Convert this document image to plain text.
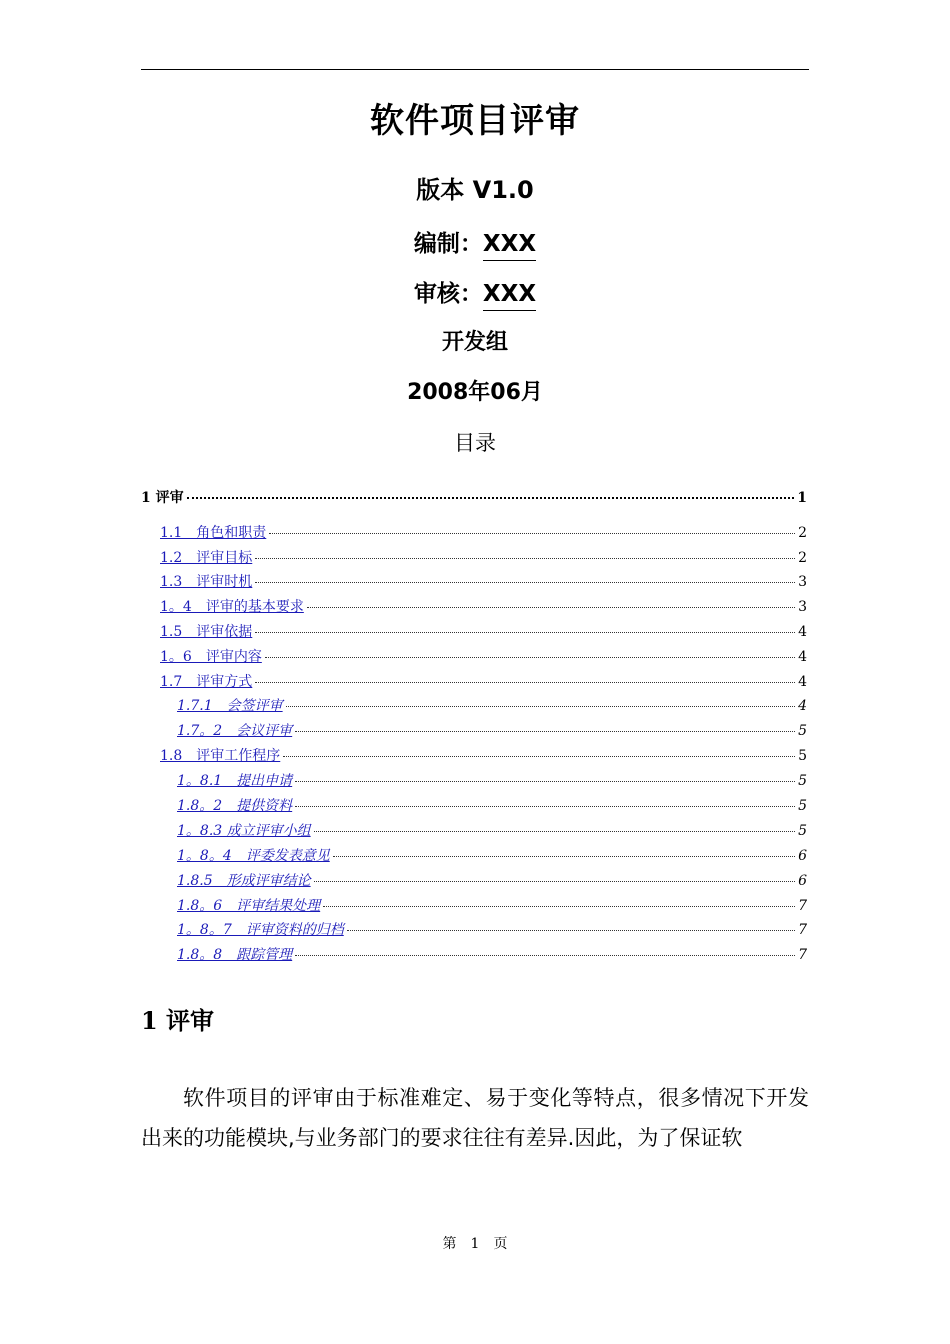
软件项目评审
版本 V1.0
编制：XXX
审核：XXX
开发组
2008年06月
目录
1 评审	1
1.1　角色和职责	2
1.2　评审目标	2
1.3　评审时机	3
1。4　评审的基本要求	3
1.5　评审依据	4
1。6　评审内容	4
1.7　评审方式	4
1.7.1　会签评审	4
1.7。2　会议评审	5
1.8　评审工作程序	5
1。8.1　提出申请	5
1.8。2　提供资料	5
1。8.3 成立评审小组	5
1。8。4　评委发表意见	6
1.8.5　形成评审结论	6
1.8。6　评审结果处理	7
1。8。7　评审资料的归档	7
1.8。8　跟踪管理	7
1 评审

软件项目的评审由于标准难定、易于变化等特点，很多情况下开发出来的功能模块,与业务部门的要求往往有差异.因此，为了保证软

第　1　页
